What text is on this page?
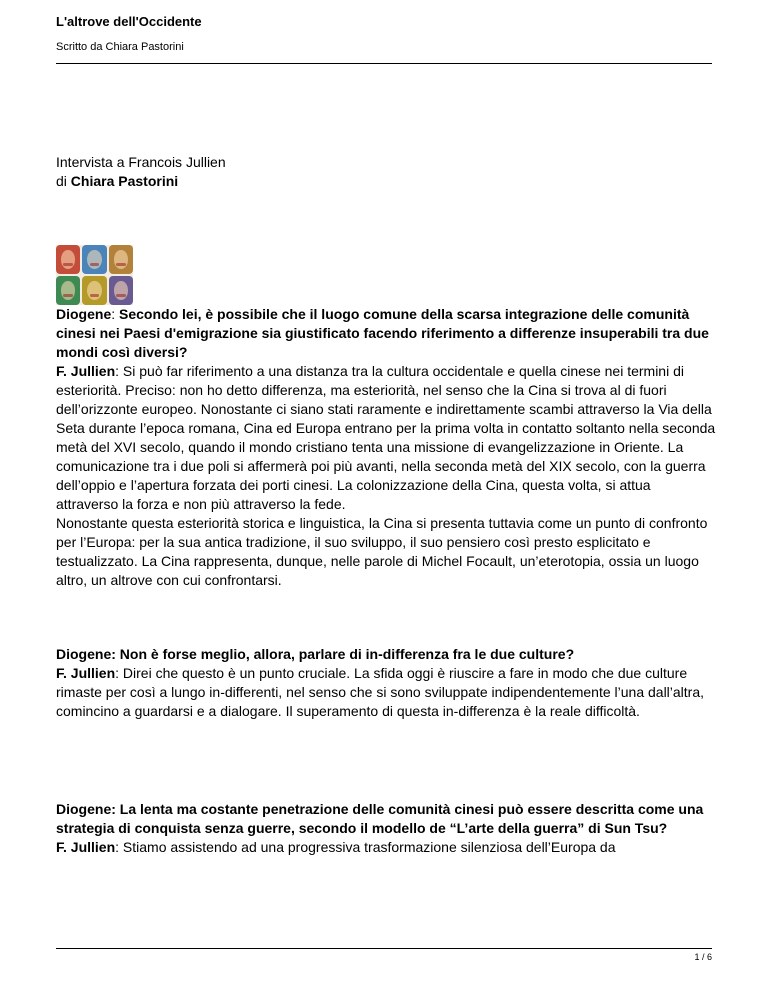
L'altrove dell'Occidente
Scritto da Chiara Pastorini

Intervista a Francois Jullien

di Chiara Pastorini

Diogene: Secondo lei, è possibile che il luogo comune della scarsa integrazione delle comunità cinesi nei Paesi d'emigrazione sia giustificato facendo riferimento a differenze insuperabili tra due mondi così diversi?

F. Jullien: Si può far riferimento a una distanza tra la cultura occidentale e quella cinese nei termini di esteriorità. Preciso: non ho detto differenza, ma esteriorità, nel senso che la Cina si trova al di fuori dell’orizzonte europeo. Nonostante ci siano stati raramente e indirettamente scambi attraverso la Via della Seta durante l’epoca romana, Cina ed Europa entrano per la prima volta in contatto soltanto nella seconda metà del XVI secolo, quando il mondo cristiano tenta una missione di evangelizzazione in Oriente. La comunicazione tra i due poli si affermerà poi più avanti, nella seconda metà del XIX secolo, con la guerra dell’oppio e l’apertura forzata dei porti cinesi. La colonizzazione della Cina, questa volta, si attua attraverso la forza e non più attraverso la fede.

Nonostante questa esteriorità storica e linguistica, la Cina si presenta tuttavia come un punto di confronto per l’Europa: per la sua antica tradizione, il suo sviluppo, il suo pensiero così presto esplicitato e testualizzato. La Cina rappresenta, dunque, nelle parole di Michel Focault, un’eterotopia, ossia un luogo altro, un altrove con cui confrontarsi.

Diogene: Non è forse meglio, allora, parlare di in-differenza fra le due culture?

F. Jullien: Direi che questo è un punto cruciale. La sfida oggi è riuscire a fare in modo che due culture rimaste per così a lungo in-differenti, nel senso che si sono sviluppate indipendentemente l’una dall’altra, comincino a guardarsi e a dialogare. Il superamento di questa in-differenza è la reale difficoltà.

Diogene: La lenta ma costante penetrazione delle comunità cinesi può essere descritta come una strategia di conquista senza guerre, secondo il modello de “L’arte della guerra” di Sun Tsu?

F. Jullien: Stiamo assistendo ad una progressiva trasformazione silenziosa dell’Europa da

1 / 6
